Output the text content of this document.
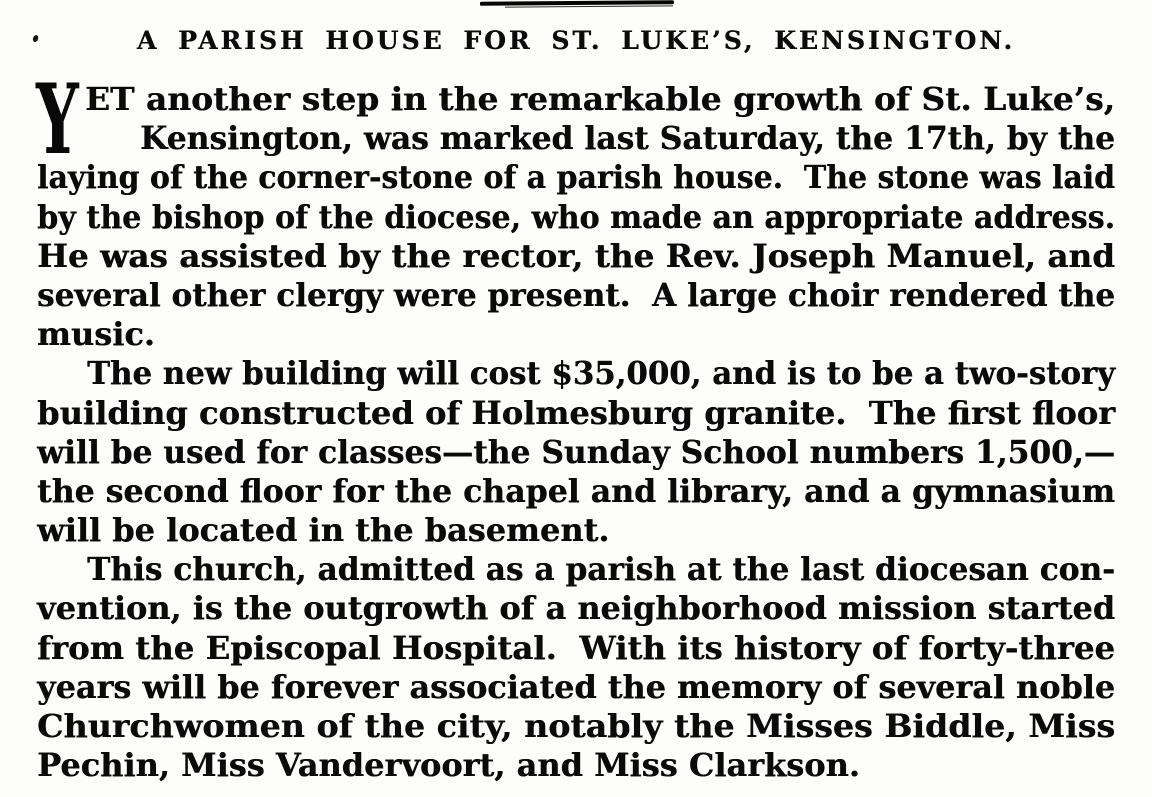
A PARISH HOUSE FOR ST. LUKE’S, KENSINGTON.
Y ET another step in the remarkable growth of St. Luke’s,
Kensington, was marked last Saturday, the 17th, by the
laying of the corner-stone of a parish house.  The stone was laid
by the bishop of the diocese, who made an appropriate address.
He was assisted by the rector, the Rev. Joseph Manuel, and
several other clergy were present.  A large choir rendered the
music.
The new building will cost $35,000, and is to be a two-story
building constructed of Holmesburg granite.  The first floor
will be used for classes—the Sunday School numbers 1,500,—
the second floor for the chapel and library, and a gymnasium
will be located in the basement.
This church, admitted as a parish at the last diocesan con-
vention, is the outgrowth of a neighborhood mission started
from the Episcopal Hospital.  With its history of forty-three
years will be forever associated the memory of several noble
Churchwomen of the city, notably the Misses Biddle, Miss
Pechin, Miss Vandervoort, and Miss Clarkson.
